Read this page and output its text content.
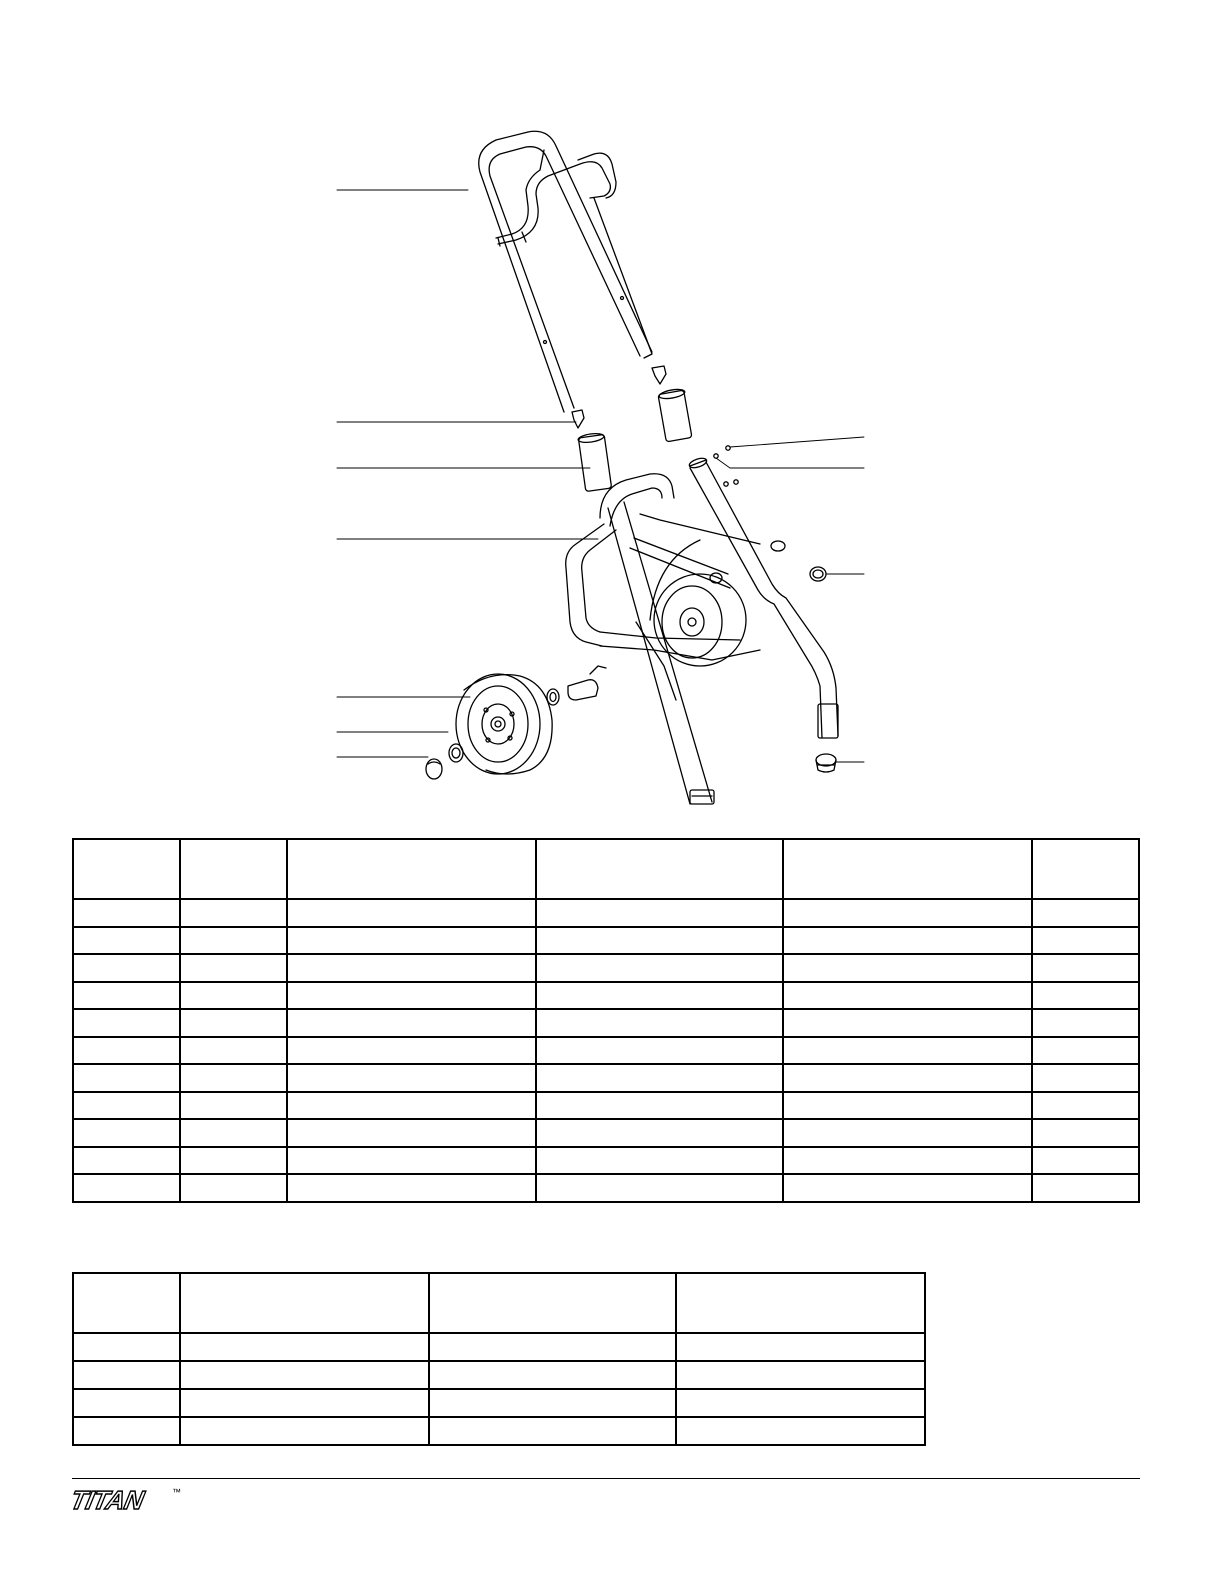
TITAN	™
